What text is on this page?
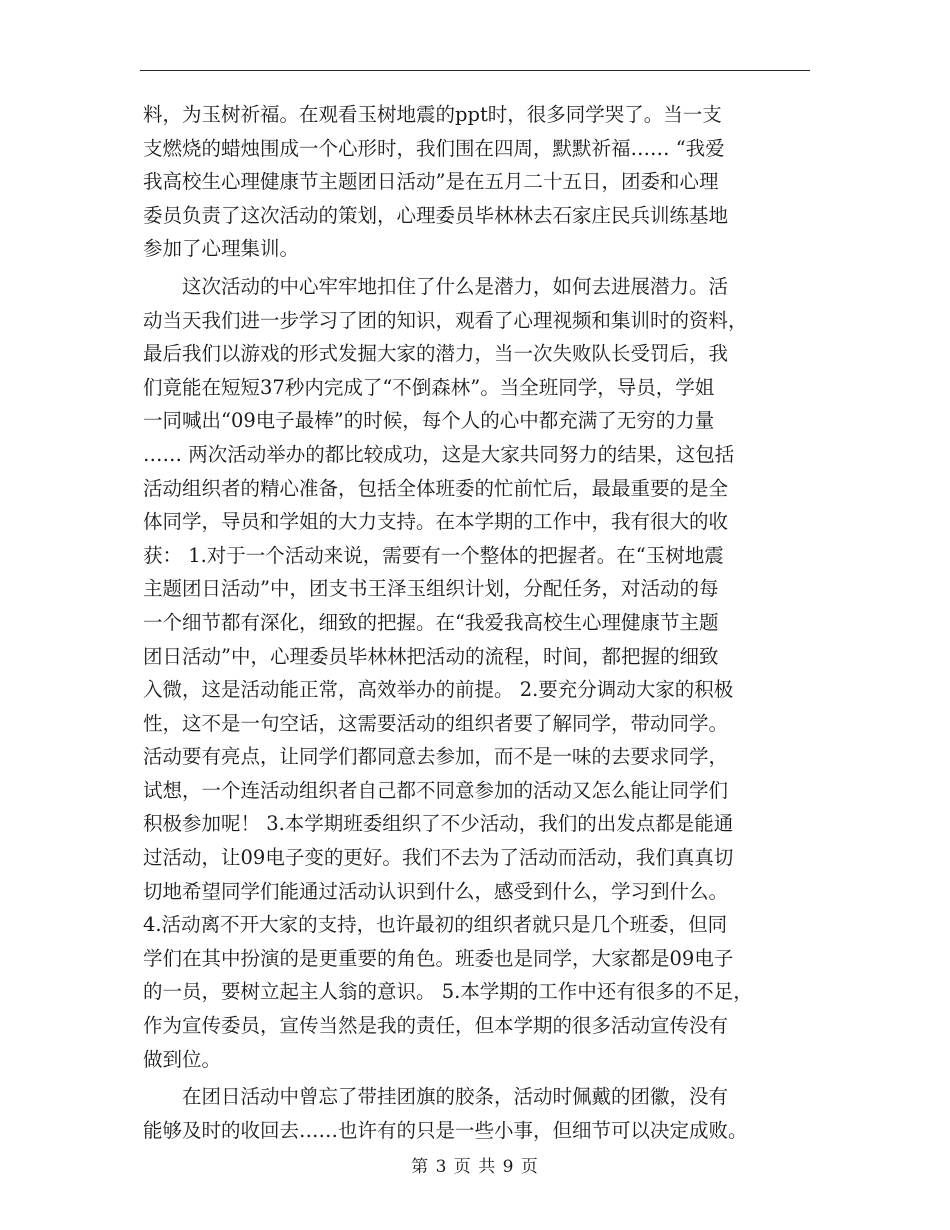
料，为玉树祈福。在观看玉树地震的ppt时，很多同学哭了。当一支
支燃烧的蜡烛围成一个心形时，我们围在四周，默默祈福…… “我爱
我高校生心理健康节主题团日活动”是在五月二十五日，团委和心理
委员负责了这次活动的策划，心理委员毕林林去石家庄民兵训练基地
参加了心理集训。
　　这次活动的中心牢牢地扣住了什么是潜力，如何去进展潜力。活
动当天我们进一步学习了团的知识，观看了心理视频和集训时的资料，
最后我们以游戏的形式发掘大家的潜力，当一次失败队长受罚后，我
们竟能在短短37秒内完成了“不倒森林”。当全班同学，导员，学姐
一同喊出“09电子最棒”的时候，每个人的心中都充满了无穷的力量
…… 两次活动举办的都比较成功，这是大家共同努力的结果，这包括
活动组织者的精心准备，包括全体班委的忙前忙后，最最重要的是全
体同学，导员和学姐的大力支持。在本学期的工作中，我有很大的收
获： 1.对于一个活动来说，需要有一个整体的把握者。在“玉树地震
主题团日活动”中，团支书王泽玉组织计划，分配任务，对活动的每
一个细节都有深化，细致的把握。在“我爱我高校生心理健康节主题
团日活动”中，心理委员毕林林把活动的流程，时间，都把握的细致
入微，这是活动能正常，高效举办的前提。 2.要充分调动大家的积极
性，这不是一句空话，这需要活动的组织者要了解同学，带动同学。
活动要有亮点，让同学们都同意去参加，而不是一味的去要求同学，
试想，一个连活动组织者自己都不同意参加的活动又怎么能让同学们
积极参加呢！ 3.本学期班委组织了不少活动，我们的出发点都是能通
过活动，让09电子变的更好。我们不去为了活动而活动，我们真真切
切地希望同学们能通过活动认识到什么，感受到什么，学习到什么。
4.活动离不开大家的支持，也许最初的组织者就只是几个班委，但同
学们在其中扮演的是更重要的角色。班委也是同学，大家都是09电子
的一员，要树立起主人翁的意识。 5.本学期的工作中还有很多的不足，
作为宣传委员，宣传当然是我的责任，但本学期的很多活动宣传没有
做到位。
　　在团日活动中曾忘了带挂团旗的胶条，活动时佩戴的团徽，没有
能够及时的收回去……也许有的只是一些小事，但细节可以决定成败。
第 3 页 共 9 页
